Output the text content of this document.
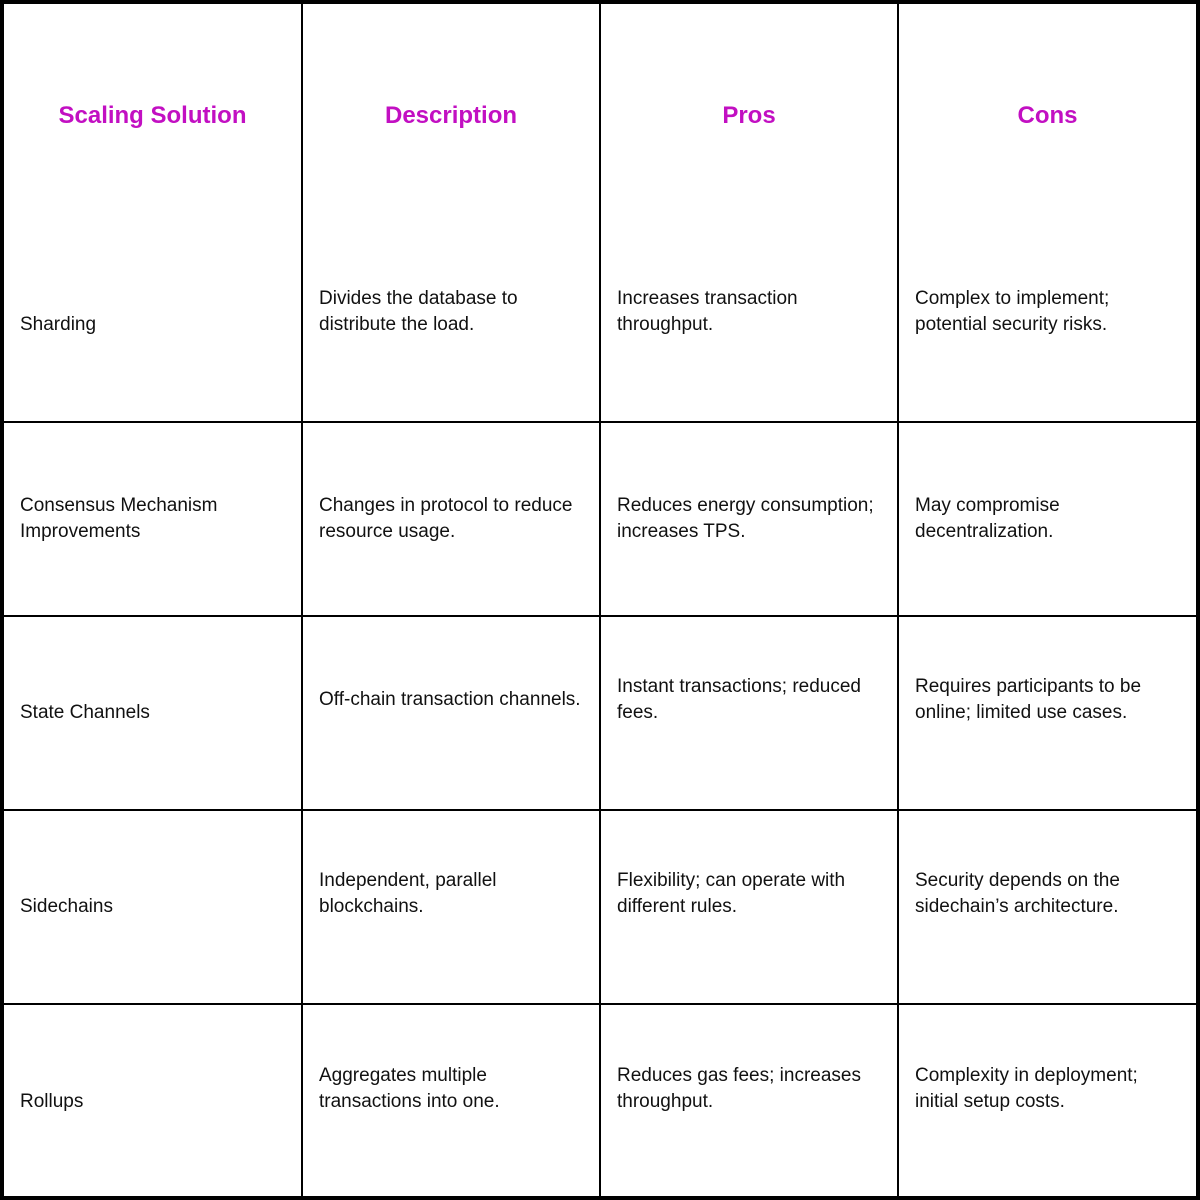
Scaling Solution	Description	Pros	Cons

Sharding	Divides the database to distribute the load.	Increases transaction throughput.	Complex to implement; potential security risks.

Consensus Mechanism Improvements	Changes in protocol to reduce resource usage.	Reduces energy consumption; increases TPS.	May compromise decentralization.

State Channels	Off-chain transaction channels.	Instant transactions; reduced fees.	Requires participants to be online; limited use cases.

Sidechains	Independent, parallel blockchains.	Flexibility; can operate with different rules.	Security depends on the sidechain’s architecture.

Rollups	Aggregates multiple transactions into one.	Reduces gas fees; increases throughput.	Complexity in deployment; initial setup costs.
